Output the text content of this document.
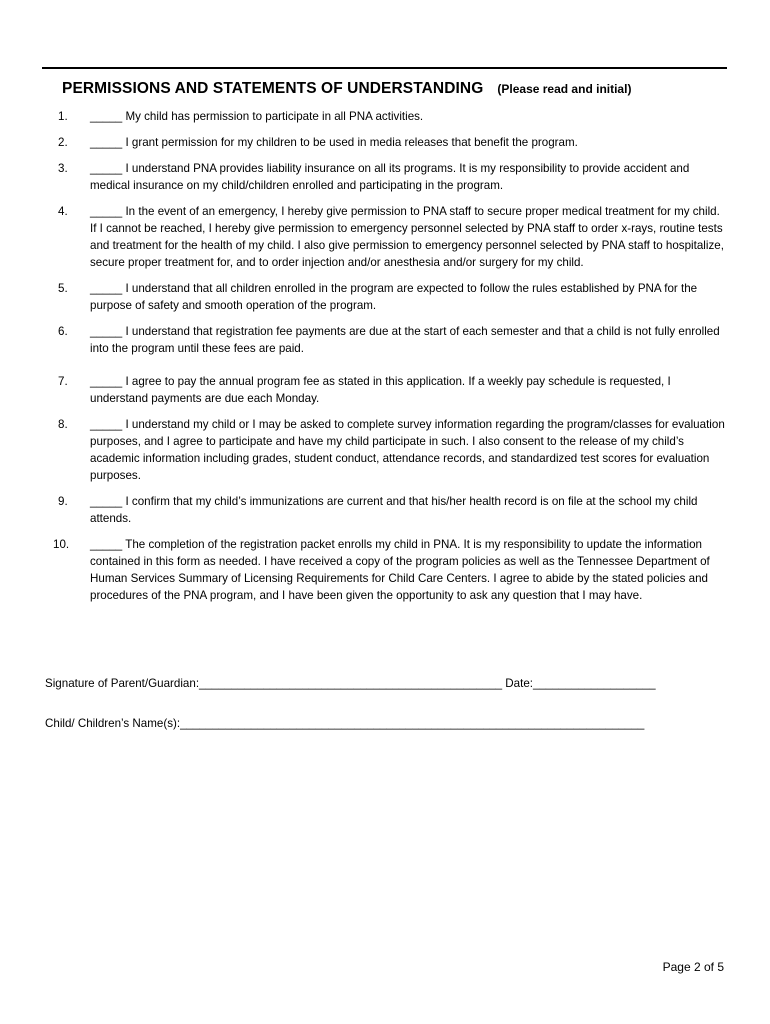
PERMISSIONS AND STATEMENTS OF UNDERSTANDING (Please read and initial)
1.	_____ My child has permission to participate in all PNA activities.
2.	_____ I grant permission for my children to be used in media releases that benefit the program.
3.	_____ I understand PNA provides liability insurance on all its programs. It is my responsibility to provide accident and medical insurance on my child/children enrolled and participating in the program.
4.	_____ In the event of an emergency, I hereby give permission to PNA staff to secure proper medical treatment for my child. If I cannot be reached, I hereby give permission to emergency personnel selected by PNA staff to order x-rays, routine tests and treatment for the health of my child. I also give permission to emergency personnel selected by PNA staff to hospitalize, secure proper treatment for, and to order injection and/or anesthesia and/or surgery for my child.
5.	_____ I understand that all children enrolled in the program are expected to follow the rules established by PNA for the purpose of safety and smooth operation of the program.
6.	_____ I understand that registration fee payments are due at the start of each semester and that a child is not fully enrolled into the program until these fees are paid.
7.	_____ I agree to pay the annual program fee as stated in this application. If a weekly pay schedule is requested, I understand payments are due each Monday.
8.	_____ I understand my child or I may be asked to complete survey information regarding the program/classes for evaluation purposes, and I agree to participate and have my child participate in such. I also consent to the release of my child’s academic information including grades, student conduct, attendance records, and standardized test scores for evaluation purposes.
9.	_____ I confirm that my child’s immunizations are current and that his/her health record is on file at the school my child attends.
10.	_____ The completion of the registration packet enrolls my child in PNA. It is my responsibility to update the information contained in this form as needed. I have received a copy of the program policies as well as the Tennessee Department of Human Services Summary of Licensing Requirements for Child Care Centers. I agree to abide by the stated policies and procedures of the PNA program, and I have been given the opportunity to ask any question that I may have.
Signature of Parent/Guardian:_______________________________________________ Date:___________________
Child/ Children’s Name(s):________________________________________________________________________
Page 2 of 5
